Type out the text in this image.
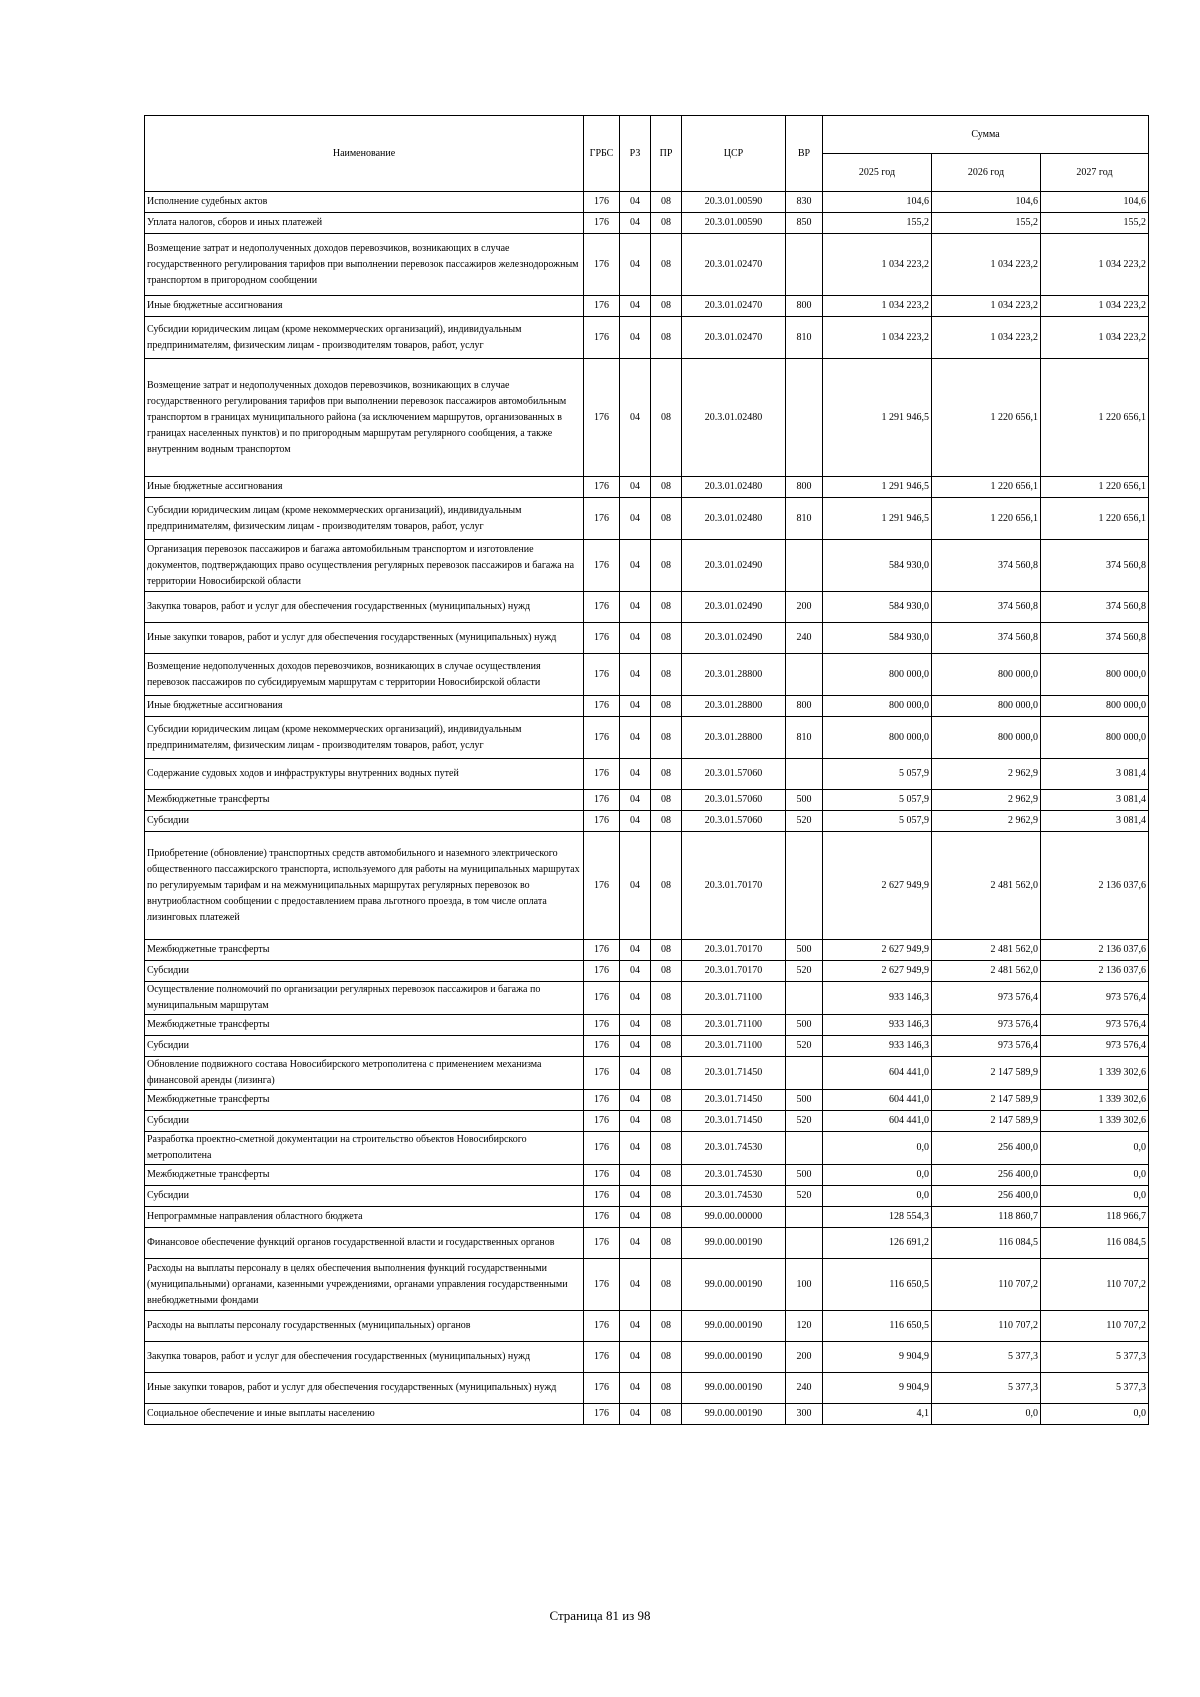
Наименование	ГРБС	РЗ	ПР	ЦСР	ВР	Сумма		
						2025 год	2026 год	2027 год
Исполнение судебных актов	176	04	08	20.3.01.00590	830	104,6	104,6	104,6
Уплата налогов, сборов и иных платежей	176	04	08	20.3.01.00590	850	155,2	155,2	155,2
Возмещение затрат и недополученных доходов перевозчиков, возникающих в случае государственного регулирования тарифов при выполнении перевозок пассажиров железнодорожным транспортом в пригородном сообщении	176	04	08	20.3.01.02470		1 034 223,2	1 034 223,2	1 034 223,2
Иные бюджетные ассигнования	176	04	08	20.3.01.02470	800	1 034 223,2	1 034 223,2	1 034 223,2
Субсидии юридическим лицам (кроме некоммерческих организаций), индивидуальным предпринимателям, физическим лицам - производителям товаров, работ, услуг	176	04	08	20.3.01.02470	810	1 034 223,2	1 034 223,2	1 034 223,2
Возмещение затрат и недополученных доходов перевозчиков, возникающих в случае государственного регулирования тарифов при выполнении перевозок пассажиров автомобильным транспортом в границах муниципального района (за исключением маршрутов, организованных в границах населенных пунктов) и по пригородным маршрутам регулярного сообщения, а также внутренним водным транспортом	176	04	08	20.3.01.02480		1 291 946,5	1 220 656,1	1 220 656,1
Иные бюджетные ассигнования	176	04	08	20.3.01.02480	800	1 291 946,5	1 220 656,1	1 220 656,1
Субсидии юридическим лицам (кроме некоммерческих организаций), индивидуальным предпринимателям, физическим лицам - производителям товаров, работ, услуг	176	04	08	20.3.01.02480	810	1 291 946,5	1 220 656,1	1 220 656,1
Организация перевозок пассажиров и багажа автомобильным транспортом и изготовление документов, подтверждающих право осуществления регулярных перевозок пассажиров и багажа на территории Новосибирской области	176	04	08	20.3.01.02490		584 930,0	374 560,8	374 560,8
Закупка товаров, работ и услуг для обеспечения государственных (муниципальных) нужд	176	04	08	20.3.01.02490	200	584 930,0	374 560,8	374 560,8
Иные закупки товаров, работ и услуг для обеспечения государственных (муниципальных) нужд	176	04	08	20.3.01.02490	240	584 930,0	374 560,8	374 560,8
Возмещение недополученных доходов перевозчиков, возникающих в случае осуществления перевозок пассажиров по субсидируемым маршрутам с территории Новосибирской области	176	04	08	20.3.01.28800		800 000,0	800 000,0	800 000,0
Иные бюджетные ассигнования	176	04	08	20.3.01.28800	800	800 000,0	800 000,0	800 000,0
Субсидии юридическим лицам (кроме некоммерческих организаций), индивидуальным предпринимателям, физическим лицам - производителям товаров, работ, услуг	176	04	08	20.3.01.28800	810	800 000,0	800 000,0	800 000,0
Содержание судовых ходов и инфраструктуры внутренних водных путей	176	04	08	20.3.01.57060		5 057,9	2 962,9	3 081,4
Межбюджетные трансферты	176	04	08	20.3.01.57060	500	5 057,9	2 962,9	3 081,4
Субсидии	176	04	08	20.3.01.57060	520	5 057,9	2 962,9	3 081,4
Приобретение (обновление) транспортных средств автомобильного и наземного электрического общественного пассажирского транспорта, используемого для работы на муниципальных маршрутах по регулируемым тарифам и на межмуниципальных маршрутах регулярных перевозок во внутриобластном сообщении с предоставлением права льготного проезда, в том числе оплата лизинговых платежей	176	04	08	20.3.01.70170		2 627 949,9	2 481 562,0	2 136 037,6
Межбюджетные трансферты	176	04	08	20.3.01.70170	500	2 627 949,9	2 481 562,0	2 136 037,6
Субсидии	176	04	08	20.3.01.70170	520	2 627 949,9	2 481 562,0	2 136 037,6
Осуществление полномочий по организации регулярных перевозок пассажиров и багажа по муниципальным маршрутам	176	04	08	20.3.01.71100		933 146,3	973 576,4	973 576,4
Межбюджетные трансферты	176	04	08	20.3.01.71100	500	933 146,3	973 576,4	973 576,4
Субсидии	176	04	08	20.3.01.71100	520	933 146,3	973 576,4	973 576,4
Обновление подвижного состава Новосибирского метрополитена с применением механизма финансовой аренды (лизинга)	176	04	08	20.3.01.71450		604 441,0	2 147 589,9	1 339 302,6
Межбюджетные трансферты	176	04	08	20.3.01.71450	500	604 441,0	2 147 589,9	1 339 302,6
Субсидии	176	04	08	20.3.01.71450	520	604 441,0	2 147 589,9	1 339 302,6
Разработка проектно-сметной документации на строительство объектов Новосибирского метрополитена	176	04	08	20.3.01.74530		0,0	256 400,0	0,0
Межбюджетные трансферты	176	04	08	20.3.01.74530	500	0,0	256 400,0	0,0
Субсидии	176	04	08	20.3.01.74530	520	0,0	256 400,0	0,0
Непрограммные направления областного бюджета	176	04	08	99.0.00.00000		128 554,3	118 860,7	118 966,7
Финансовое обеспечение функций органов государственной власти и государственных органов	176	04	08	99.0.00.00190		126 691,2	116 084,5	116 084,5
Расходы на выплаты персоналу в целях обеспечения выполнения функций государственными (муниципальными) органами, казенными учреждениями, органами управления государственными внебюджетными фондами	176	04	08	99.0.00.00190	100	116 650,5	110 707,2	110 707,2
Расходы на выплаты персоналу государственных (муниципальных) органов	176	04	08	99.0.00.00190	120	116 650,5	110 707,2	110 707,2
Закупка товаров, работ и услуг для обеспечения государственных (муниципальных) нужд	176	04	08	99.0.00.00190	200	9 904,9	5 377,3	5 377,3
Иные закупки товаров, работ и услуг для обеспечения государственных (муниципальных) нужд	176	04	08	99.0.00.00190	240	9 904,9	5 377,3	5 377,3
Социальное обеспечение и иные выплаты населению	176	04	08	99.0.00.00190	300	4,1	0,0	0,0
Страница 81 из 98
